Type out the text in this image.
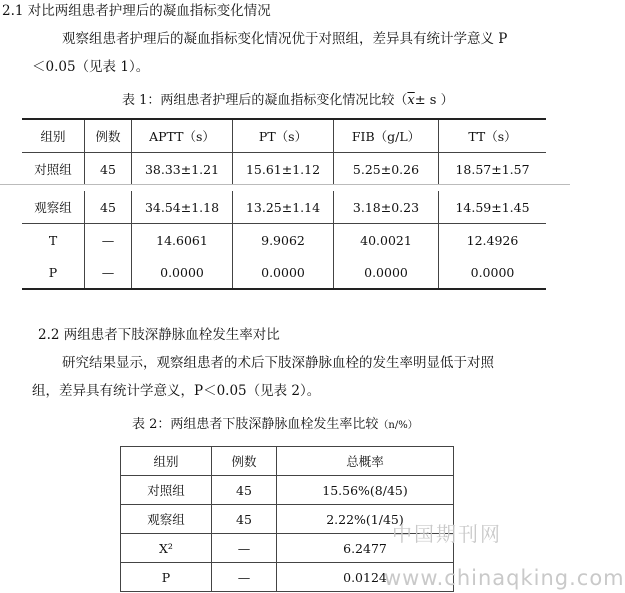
2.1 对比两组患者护理后的凝血指标变化情况
观察组患者护理后的凝血指标变化情况优于对照组，差异具有统计学意义 P
＜0.05（见表 1）。
表 1：两组患者护理后的凝血指标变化情况比较（$\overline{x}\pm s$ ）
组别	例数	APTT（s）	PT（s）	FIB（g/L）	TT（s）
对照组	45	38.33±1.21	15.61±1.12	5.25±0.26	18.57±1.57

观察组	45	34.54±1.18	13.25±1.14	3.18±0.23	14.59±1.45
T	—	14.6061	9.9062	40.0021	12.4926
P	—	0.0000	0.0000	0.0000	0.0000
2.2 两组患者下肢深静脉血栓发生率对比
研究结果显示，观察组患者的术后下肢深静脉血栓的发生率明显低于对照
组，差异具有统计学意义，P＜0.05（见表 2）。
表 2：两组患者下肢深静脉血栓发生率比较（n/%）
组别	例数	总概率
对照组	45	15.56%(8/45)
观察组	45	2.22%(1/45)
X²	—	6.2477
P	—	0.0124
中国期刊网
www.chinaqking.com
